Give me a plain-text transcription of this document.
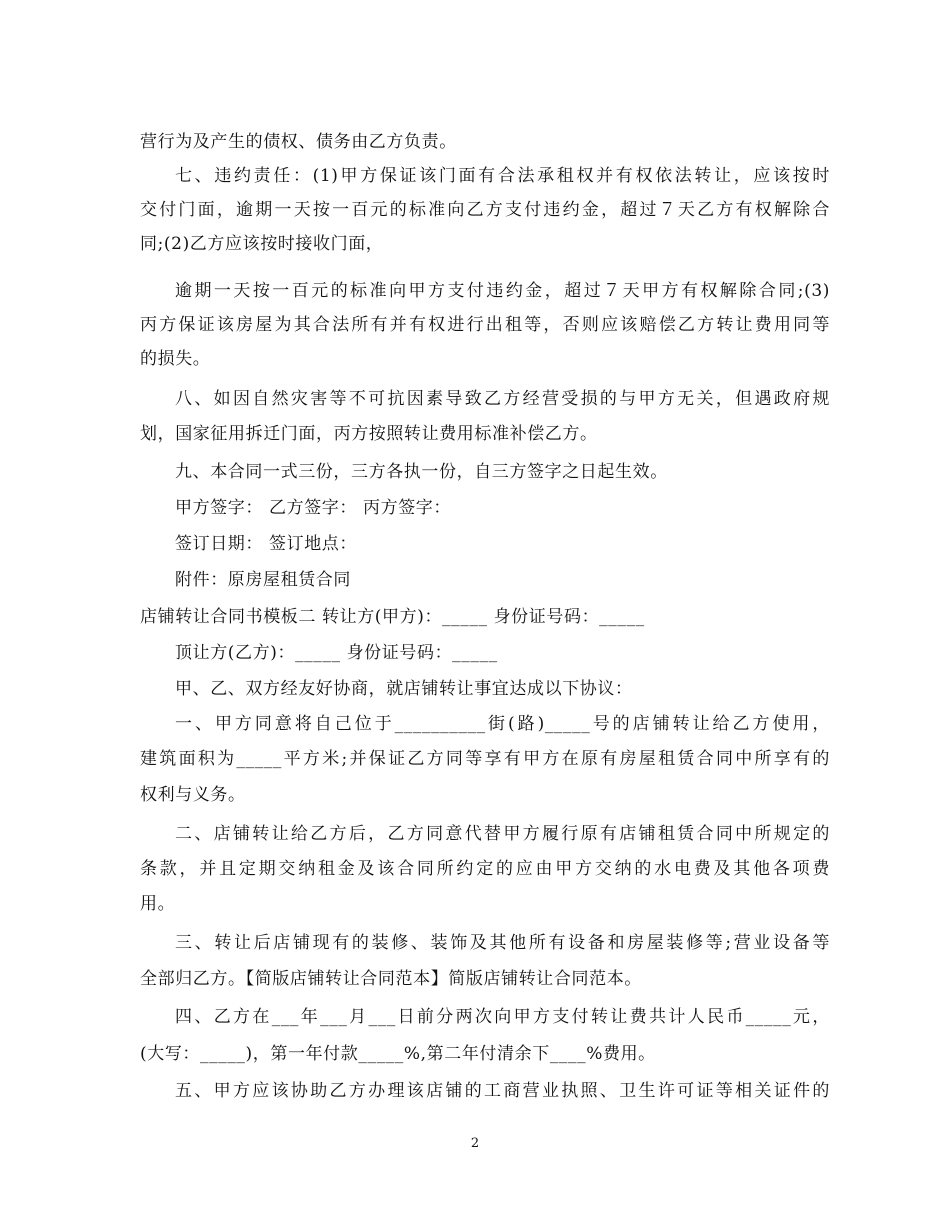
营行为及产生的债权、债务由乙方负责。
七、违约责任：(1)甲方保证该门面有合法承租权并有权依法转让，应该按时
交付门面，逾期一天按一百元的标准向乙方支付违约金，超过７天乙方有权解除合
同;(2)乙方应该按时接收门面，
逾期一天按一百元的标准向甲方支付违约金，超过７天甲方有权解除合同;(3)
丙方保证该房屋为其合法所有并有权进行出租等，否则应该赔偿乙方转让费用同等
的损失。
八、如因自然灾害等不可抗因素导致乙方经营受损的与甲方无关，但遇政府规
划，国家征用拆迁门面，丙方按照转让费用标准补偿乙方。
九、本合同一式三份，三方各执一份，自三方签字之日起生效。
甲方签字： 乙方签字： 丙方签字：
签订日期： 签订地点：
附件：原房屋租赁合同
店铺转让合同书模板二 转让方(甲方)：_____ 身份证号码：_____
顶让方(乙方)：_____ 身份证号码：_____
甲、乙、双方经友好协商，就店铺转让事宜达成以下协议：
一、甲方同意将自己位于__________街(路)_____号的店铺转让给乙方使用，
建筑面积为_____平方米;并保证乙方同等享有甲方在原有房屋租赁合同中所享有的
权利与义务。
二、店铺转让给乙方后，乙方同意代替甲方履行原有店铺租赁合同中所规定的
条款，并且定期交纳租金及该合同所约定的应由甲方交纳的水电费及其他各项费
用。
三、转让后店铺现有的装修、装饰及其他所有设备和房屋装修等;营业设备等
全部归乙方。【简版店铺转让合同范本】简版店铺转让合同范本。
四、乙方在___年___月___日前分两次向甲方支付转让费共计人民币_____元，
(大写：_____)，第一年付款_____%,第二年付清余下____%费用。
五、甲方应该协助乙方办理该店铺的工商营业执照、卫生许可证等相关证件的
2
